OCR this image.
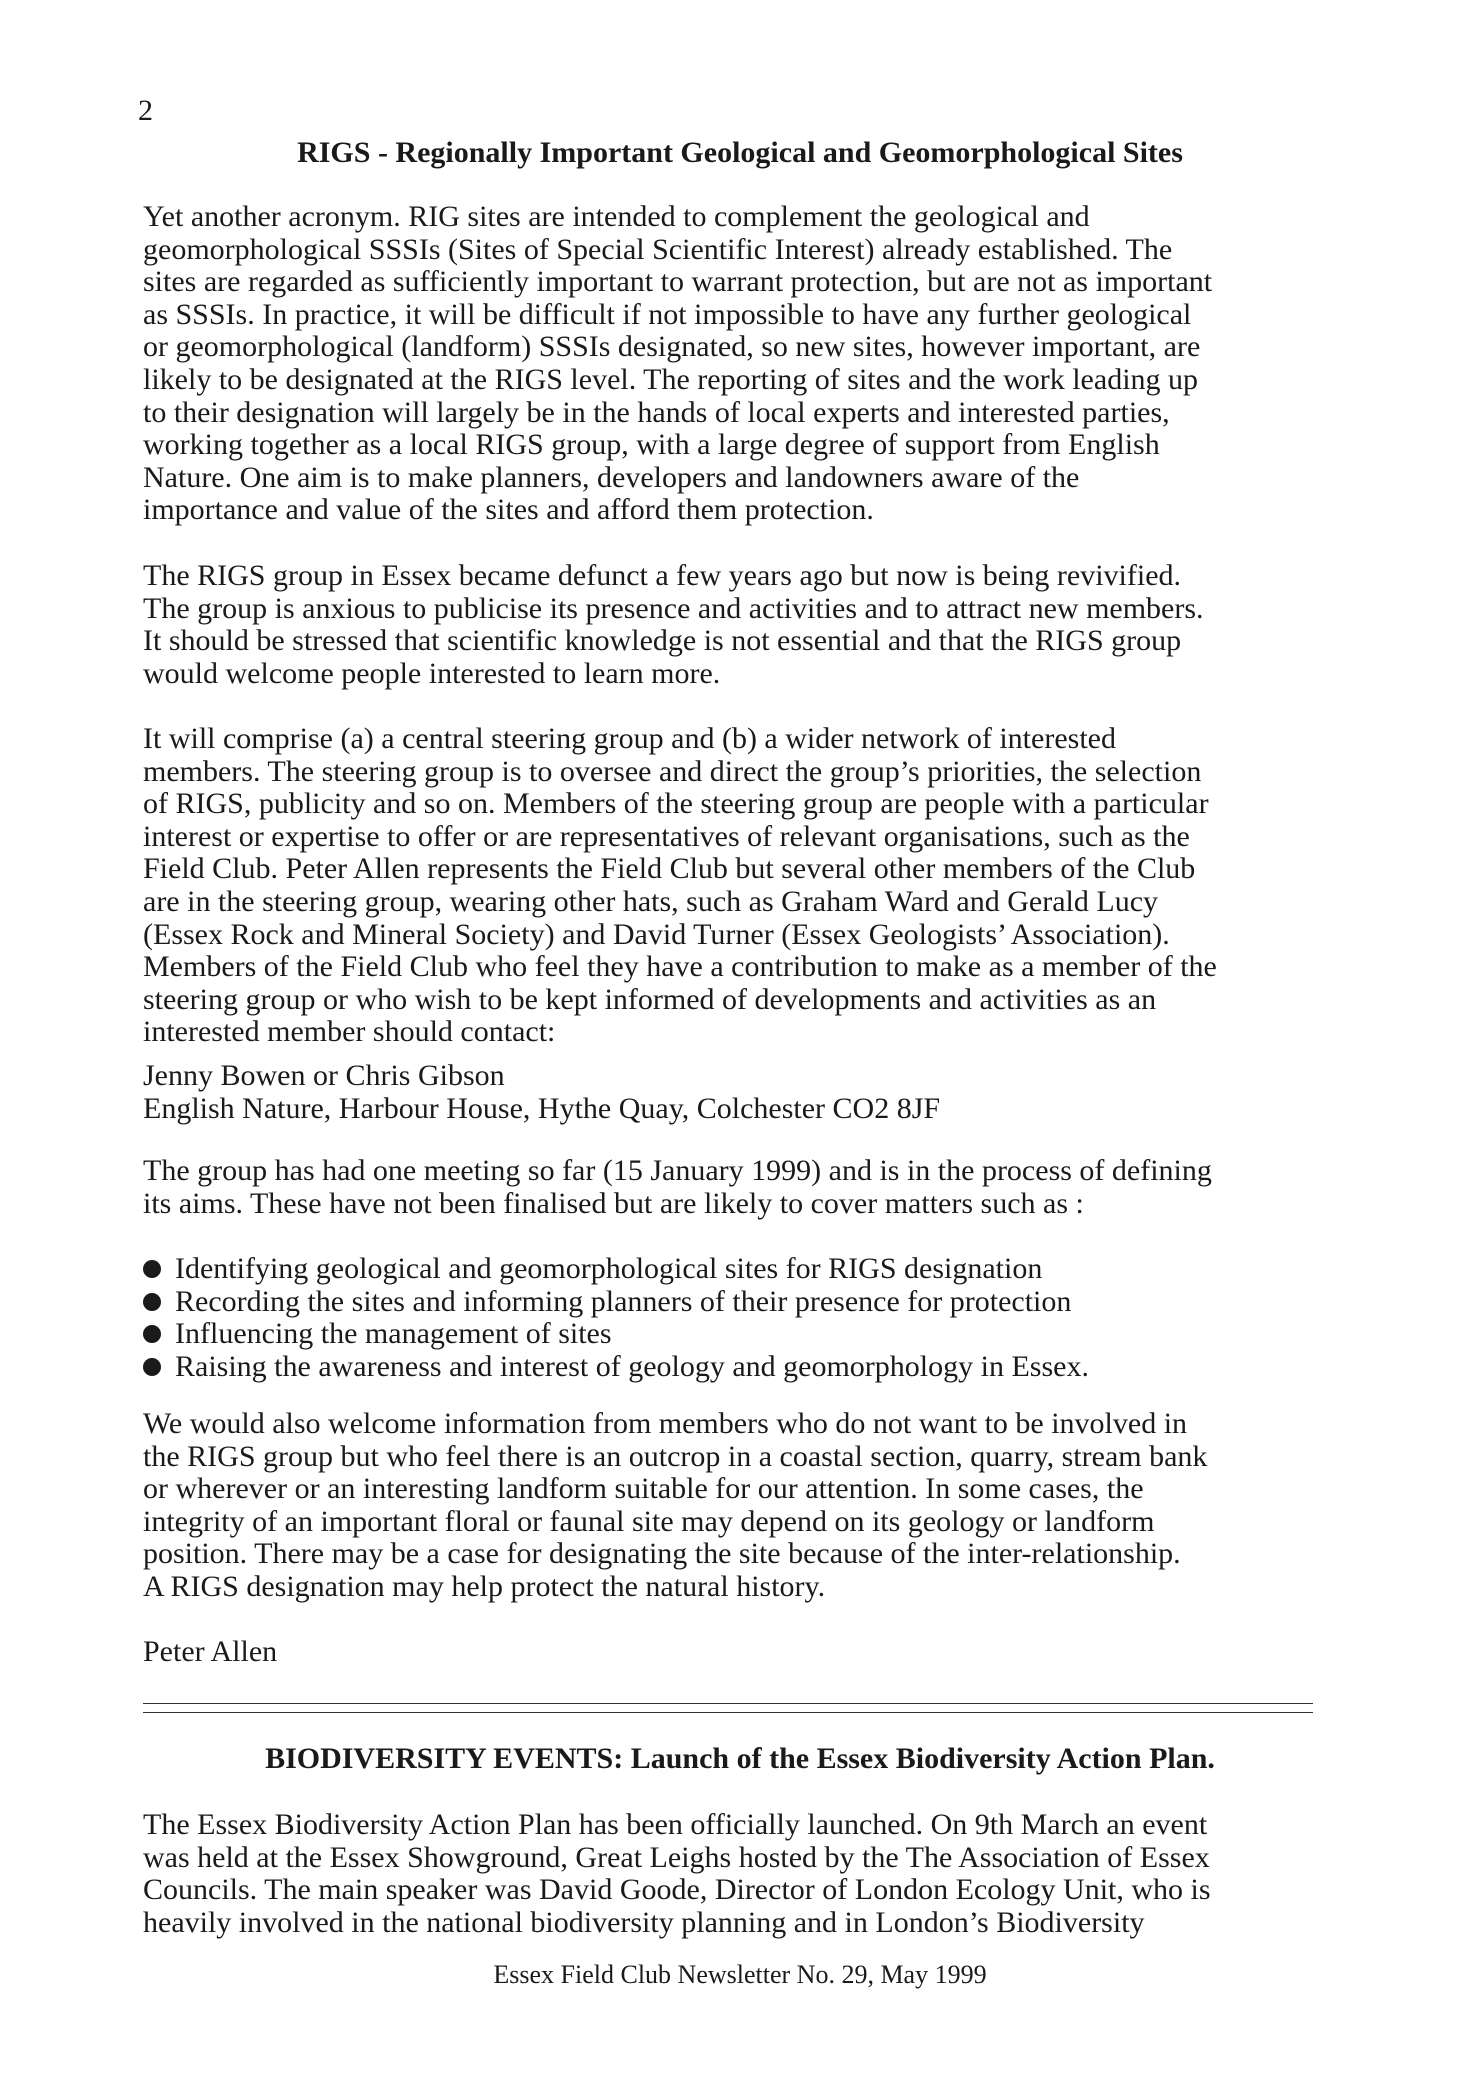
2
RIGS - Regionally Important Geological and Geomorphological Sites

Yet another acronym. RIG sites are intended to complement the geological and
geomorphological SSSIs (Sites of Special Scientific Interest) already established. The
sites are regarded as sufficiently important to warrant protection, but are not as important
as SSSIs. In practice, it will be difficult if not impossible to have any further geological
or geomorphological (landform) SSSIs designated, so new sites, however important, are
likely to be designated at the RIGS level. The reporting of sites and the work leading up
to their designation will largely be in the hands of local experts and interested parties,
working together as a local RIGS group, with a large degree of support from English
Nature. One aim is to make planners, developers and landowners aware of the
importance and value of the sites and afford them protection.

The RIGS group in Essex became defunct a few years ago but now is being revivified.
The group is anxious to publicise its presence and activities and to attract new members.
It should be stressed that scientific knowledge is not essential and that the RIGS group
would welcome people interested to learn more.

It will comprise (a) a central steering group and (b) a wider network of interested
members. The steering group is to oversee and direct the group’s priorities, the selection
of RIGS, publicity and so on. Members of the steering group are people with a particular
interest or expertise to offer or are representatives of relevant organisations, such as the
Field Club. Peter Allen represents the Field Club but several other members of the Club
are in the steering group, wearing other hats, such as Graham Ward and Gerald Lucy
(Essex Rock and Mineral Society) and David Turner (Essex Geologists’ Association).
Members of the Field Club who feel they have a contribution to make as a member of the
steering group or who wish to be kept informed of developments and activities as an
interested member should contact:

Jenny Bowen or Chris Gibson
English Nature, Harbour House, Hythe Quay, Colchester CO2 8JF

The group has had one meeting so far (15 January 1999) and is in the process of defining
its aims. These have not been finalised but are likely to cover matters such as :

Identifying geological and geomorphological sites for RIGS designation
Recording the sites and informing planners of their presence for protection
Influencing the management of sites
Raising the awareness and interest of geology and geomorphology in Essex.

We would also welcome information from members who do not want to be involved in
the RIGS group but who feel there is an outcrop in a coastal section, quarry, stream bank
or wherever or an interesting landform suitable for our attention. In some cases, the
integrity of an important floral or faunal site may depend on its geology or landform
position. There may be a case for designating the site because of the inter-relationship.
A RIGS designation may help protect the natural history.

Peter Allen

BIODIVERSITY EVENTS: Launch of the Essex Biodiversity Action Plan.

The Essex Biodiversity Action Plan has been officially launched. On 9th March an event
was held at the Essex Showground, Great Leighs hosted by the The Association of Essex
Councils. The main speaker was David Goode, Director of London Ecology Unit, who is
heavily involved in the national biodiversity planning and in London’s Biodiversity

Essex Field Club Newsletter No. 29, May 1999
